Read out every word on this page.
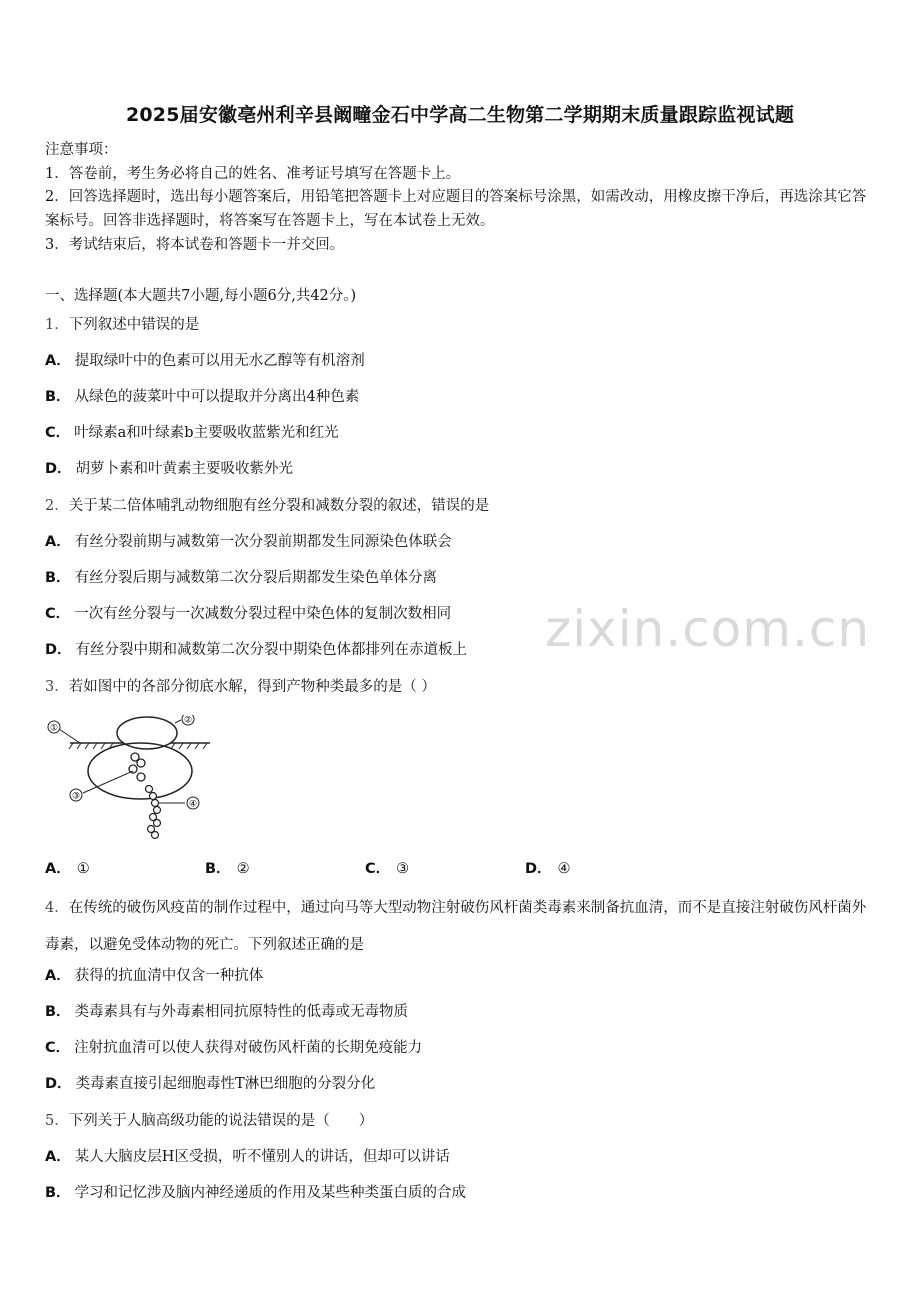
2025届安徽亳州利辛县阚疃金石中学高二生物第二学期期末质量跟踪监视试题
zixin.com.cn
注意事项：
1．答卷前，考生务必将自己的姓名、准考证号填写在答题卡上。
2．回答选择题时，选出每小题答案后，用铅笔把答题卡上对应题目的答案标号涂黑，如需改动，用橡皮擦干净后，再选涂其它答案标号。回答非选择题时，将答案写在答题卡上，写在本试卷上无效。
3．考试结束后，将本试卷和答题卡一并交回。
一、选择题(本大题共7小题,每小题6分,共42分。)
1．下列叙述中错误的是
A． 提取绿叶中的色素可以用无水乙醇等有机溶剂
B． 从绿色的菠菜叶中可以提取并分离出4种色素
C． 叶绿素a和叶绿素b主要吸收蓝紫光和红光
D． 胡萝卜素和叶黄素主要吸收紫外光
2．关于某二倍体哺乳动物细胞有丝分裂和减数分裂的叙述，错误的是
A． 有丝分裂前期与减数第一次分裂前期都发生同源染色体联会
B． 有丝分裂后期与减数第二次分裂后期都发生染色单体分离
C． 一次有丝分裂与一次减数分裂过程中染色体的复制次数相同
D． 有丝分裂中期和减数第二次分裂中期染色体都排列在赤道板上
3．若如图中的各部分彻底水解，得到产物种类最多的是（ ）
①
②
③
④
A． ①	B． ②	C． ③	D． ④
4．在传统的破伤风疫苗的制作过程中，通过向马等大型动物注射破伤风杆菌类毒素来制备抗血清，而不是直接注射破伤风杆菌外毒素，以避免受体动物的死亡。下列叙述正确的是
A． 获得的抗血清中仅含一种抗体
B． 类毒素具有与外毒素相同抗原特性的低毒或无毒物质
C． 注射抗血清可以使人获得对破伤风杆菌的长期免疫能力
D． 类毒素直接引起细胞毒性T淋巴细胞的分裂分化
5．下列关于人脑高级功能的说法错误的是（　　）
A． 某人大脑皮层H区受损，听不懂别人的讲话，但却可以讲话
B． 学习和记忆涉及脑内神经递质的作用及某些种类蛋白质的合成
